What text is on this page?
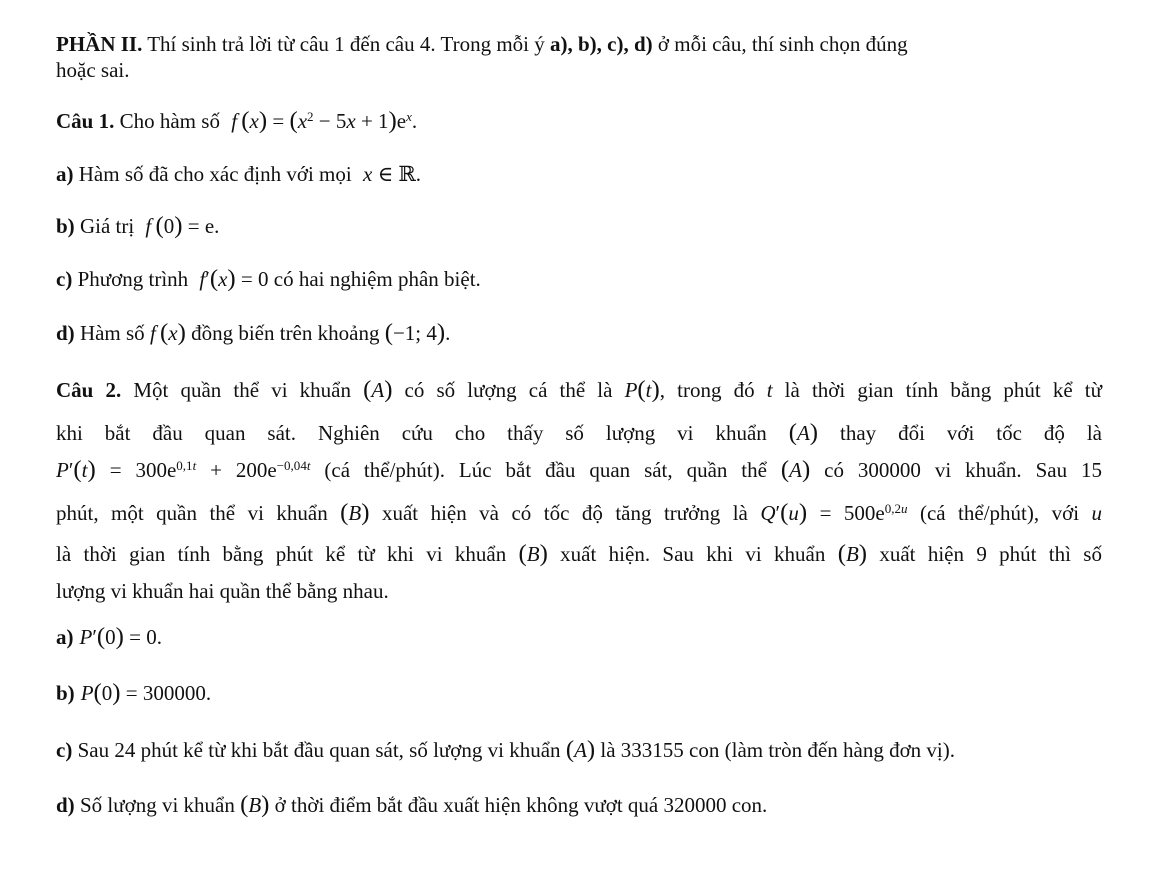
PHẦN II. Thí sinh trả lời từ câu 1 đến câu 4. Trong mỗi ý a), b), c), d) ở mỗi câu, thí sinh chọn đúng
hoặc sai.
Câu 1. Cho hàm số f  $(x) = (x^2 - 5x + 1)e^x$.
a) Hàm số đã cho xác định với mọi x ∈ ℝ.
b) Giá trị f  (0) = e.
c) Phương trình f′(x) = 0 có hai nghiệm phân biệt.
d) Hàm số f  (x) đồng biến trên khoảng (−1; 4).
Câu 2. Một quần thể vi khuẩn (A) có số lượng cá thể là P(t), trong đó t là thời gian tính bằng phút kể từ
khi bắt đầu quan sát. Nghiên cứu cho thấy số lượng vi khuẩn (A) thay đổi với tốc độ là
$P'(t) = 300e^{0,1t} + 200e^{-0,04t}$ (cá thể/phút). Lúc bắt đầu quan sát, quần thể (A) có 300000 vi khuẩn. Sau 15
phút, một quần thể vi khuẩn (B) xuất hiện và có tốc độ tăng trưởng là $Q'(u) = 500e^{0,2u}$ (cá thể/phút), với u
là thời gian tính bằng phút kể từ khi vi khuẩn (B) xuất hiện. Sau khi vi khuẩn (B) xuất hiện 9 phút thì số
lượng vi khuẩn hai quần thể bằng nhau.
a) P′(0) = 0.
b) P(0) = 300000.
c) Sau 24 phút kể từ khi bắt đầu quan sát, số lượng vi khuẩn (A) là 333155 con (làm tròn đến hàng đơn vị).
d) Số lượng vi khuẩn (B) ở thời điểm bắt đầu xuất hiện không vượt quá 320000 con.
